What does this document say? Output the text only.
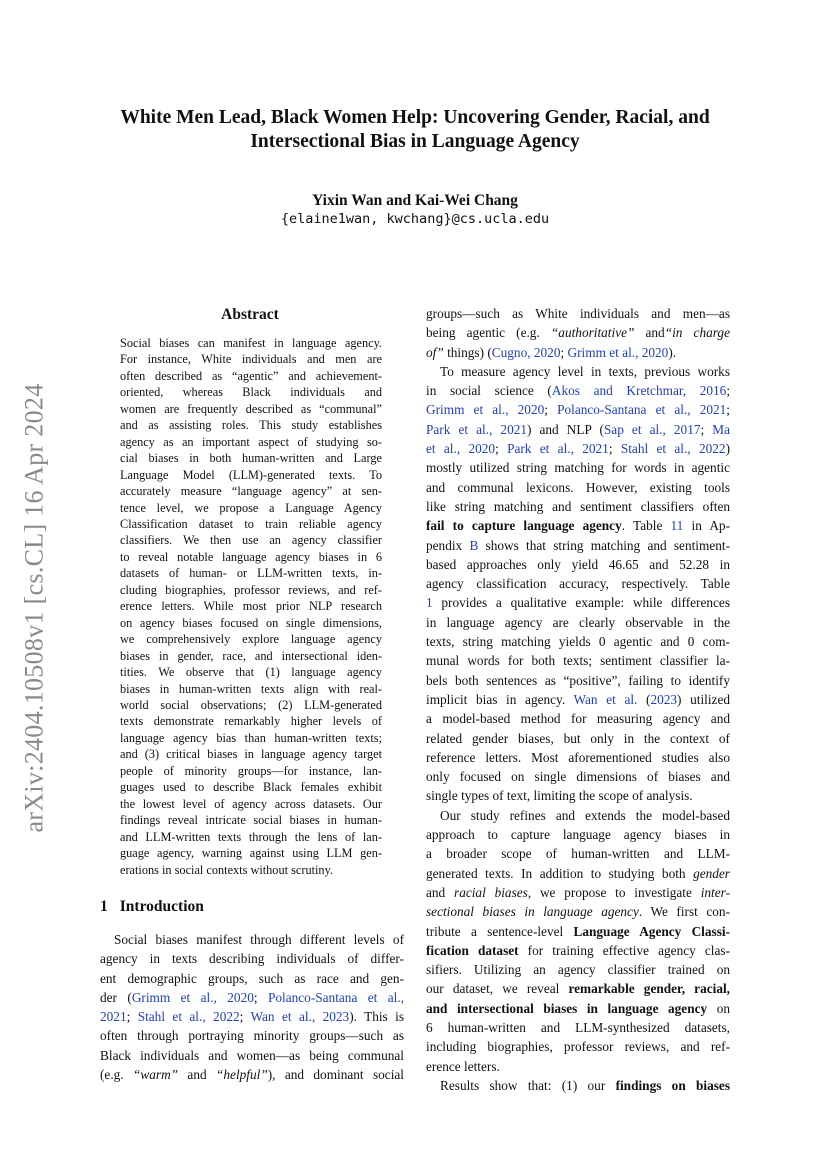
arXiv:2404.10508v1 [cs.CL] 16 Apr 2024
White Men Lead, Black Women Help: Uncovering Gender, Racial, and
Intersectional Bias in Language Agency
Yixin Wan and Kai-Wei Chang
{elaine1wan, kwchang}@cs.ucla.edu
Abstract
Social biases can manifest in language agency.
For instance, White individuals and men are
often described as “agentic” and achievement-
oriented, whereas Black individuals and
women are frequently described as “communal”
and as assisting roles. This study establishes
agency as an important aspect of studying so-
cial biases in both human-written and Large
Language Model (LLM)-generated texts. To
accurately measure “language agency” at sen-
tence level, we propose a Language Agency
Classification dataset to train reliable agency
classifiers. We then use an agency classifier
to reveal notable language agency biases in 6
datasets of human- or LLM-written texts, in-
cluding biographies, professor reviews, and ref-
erence letters. While most prior NLP research
on agency biases focused on single dimensions,
we comprehensively explore language agency
biases in gender, race, and intersectional iden-
tities. We observe that (1) language agency
biases in human-written texts align with real-
world social observations; (2) LLM-generated
texts demonstrate remarkably higher levels of
language agency bias than human-written texts;
and (3) critical biases in language agency target
people of minority groups—for instance, lan-
guages used to describe Black females exhibit
the lowest level of agency across datasets. Our
findings reveal intricate social biases in human-
and LLM-written texts through the lens of lan-
guage agency, warning against using LLM gen-
erations in social contexts without scrutiny.
1 Introduction
Social biases manifest through different levels of
agency in texts describing individuals of differ-
ent demographic groups, such as race and gen-
der (Grimm et al., 2020; Polanco-Santana et al.,
2021; Stahl et al., 2022; Wan et al., 2023). This is
often through portraying minority groups—such as
Black individuals and women—as being communal
(e.g. “warm” and “helpful”), and dominant social
groups—such as White individuals and men—as
being agentic (e.g. “authoritative” and“in charge
of” things) (Cugno, 2020; Grimm et al., 2020).
To measure agency level in texts, previous works
in social science (Akos and Kretchmar, 2016;
Grimm et al., 2020; Polanco-Santana et al., 2021;
Park et al., 2021) and NLP (Sap et al., 2017; Ma
et al., 2020; Park et al., 2021; Stahl et al., 2022)
mostly utilized string matching for words in agentic
and communal lexicons. However, existing tools
like string matching and sentiment classifiers often
fail to capture language agency. Table 11 in Ap-
pendix B shows that string matching and sentiment-
based approaches only yield 46.65 and 52.28 in
agency classification accuracy, respectively. Table
1 provides a qualitative example: while differences
in language agency are clearly observable in the
texts, string matching yields 0 agentic and 0 com-
munal words for both texts; sentiment classifier la-
bels both sentences as “positive”, failing to identify
implicit bias in agency. Wan et al. (2023) utilized
a model-based method for measuring agency and
related gender biases, but only in the context of
reference letters. Most aforementioned studies also
only focused on single dimensions of biases and
single types of text, limiting the scope of analysis.
Our study refines and extends the model-based
approach to capture language agency biases in
a broader scope of human-written and LLM-
generated texts. In addition to studying both gender
and racial biases, we propose to investigate inter-
sectional biases in language agency. We first con-
tribute a sentence-level Language Agency Classi-
fication dataset for training effective agency clas-
sifiers. Utilizing an agency classifier trained on
our dataset, we reveal remarkable gender, racial,
and intersectional biases in language agency on
6 human-written and LLM-synthesized datasets,
including biographies, professor reviews, and ref-
erence letters.
Results show that: (1) our findings on biases
